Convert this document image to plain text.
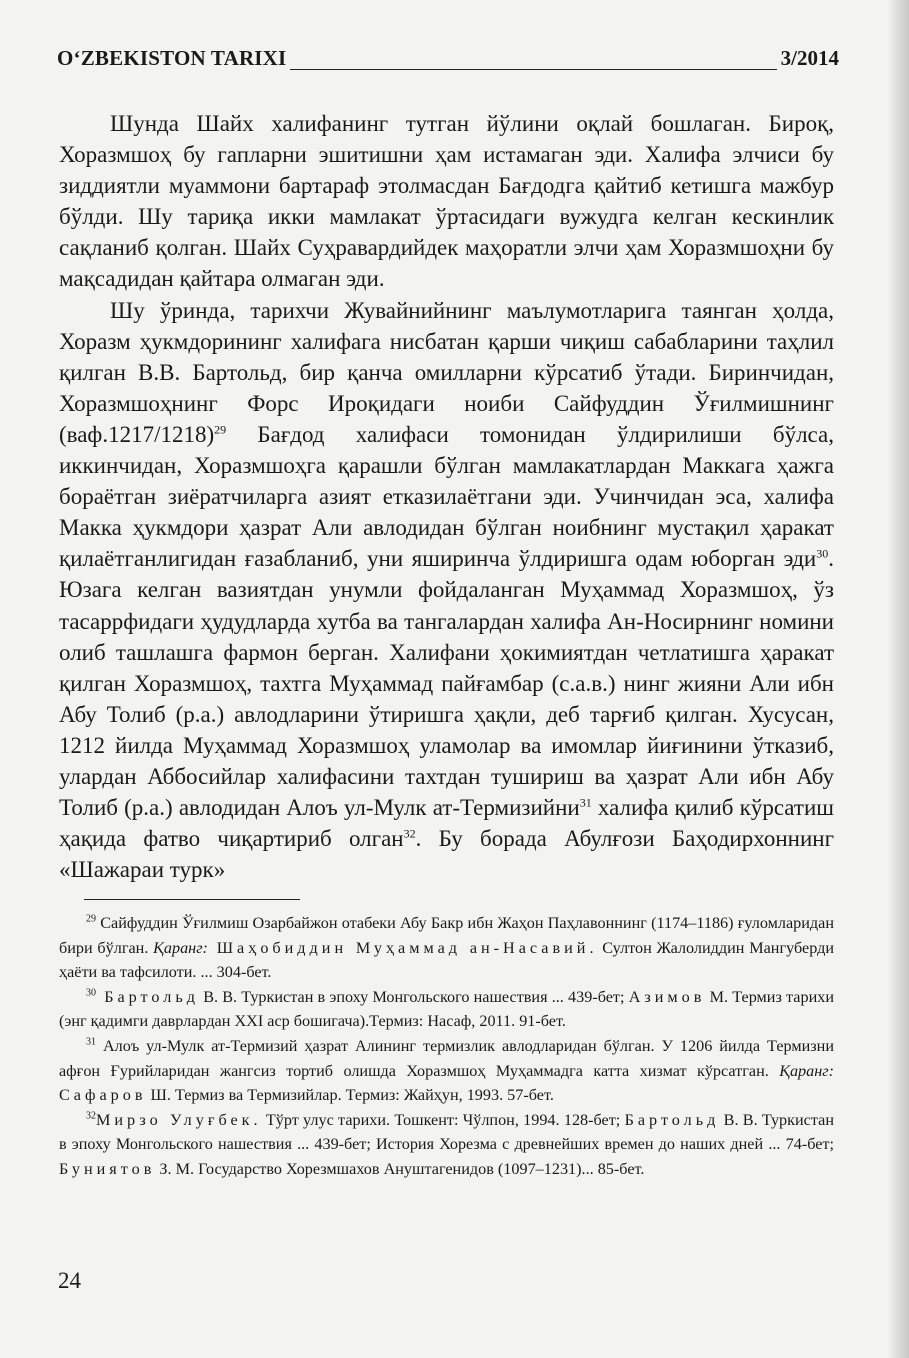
O‘ZBEKISTON TARIXI	3/2014

Шунда Шайх халифанинг тутган йўлини оқлай бошлаган. Бироқ, Хоразмшоҳ бу гапларни эшитишни ҳам истамаган эди. Халифа элчиси бу зиддиятли муаммони бартараф этолмасдан Бағдодга қайтиб кетишга мажбур бўлди. Шу тариқа икки мамлакат ўртасидаги вужудга келган кескинлик сақланиб қолган. Шайх Суҳравардийдек маҳоратли элчи ҳам Хоразмшоҳни бу мақсадидан қайтара олмаган эди.

Шу ўринда, тарихчи Жувайнийнинг маълумотларига таянган ҳолда, Хоразм ҳукмдорининг халифага нисбатан қарши чиқиш сабабларини таҳлил қилган В.В. Бартольд, бир қанча омилларни кўрсатиб ўтади. Биринчидан, Хоразмшоҳнинг Форс Ироқидаги ноиби Сайфуддин Ўғилмишнинг $(ваф.1217/1218)^{29}$ Бағдод халифаси томонидан ўлдирилиши бўлса, иккинчидан, Хоразмшоҳга қарашли бўлган мамлакатлардан Маккага ҳажга бораётган зиёратчиларга азият етказилаётгани эди. Учинчидан эса, халифа Макка ҳукмдори ҳазрат Али авлодидан бўлган ноибнинг мустақил ҳаракат қилаётганлигидан ғазабланиб, уни яширинча ўлдиришга одам юборган эди$^{30}$. Юзага келган вазиятдан унумли фойдаланган Муҳаммад Хоразмшоҳ, ўз тасаррфидаги ҳудудларда хутба ва тангалардан халифа Ан-Носирнинг номини олиб ташлашга фармон берган. Халифани ҳокимиятдан четлатишга ҳаракат қилган Хоразмшоҳ, тахтга Муҳаммад пайғамбар (с.а.в.) нинг жияни Али ибн Абу Толиб (р.а.) авлодларини ўтиришга ҳақли, деб тарғиб қилган. Хусусан, 1212 йилда Муҳаммад Хоразмшоҳ уламолар ва имомлар йиғинини ўтказиб, улардан Аббосийлар халифасини тахтдан тушириш ва ҳазрат Али ибн Абу Толиб (р.а.) авлодидан Алоъ ул-Мулк ат-Термизийни$^{31}$ халифа қилиб кўрсатиш ҳақида фатво чиқартириб олган$^{32}$. Бу борада Абулғози Баҳодирхоннинг «Шажараи турк»

$^{29}$ Сайфуддин Ўғилмиш Озарбайжон отабеки Абу Бакр ибн Жаҳон Паҳлавоннинг (1174–1186) ғуломларидан бири бўлган. Қаранг: Шаҳобиддин Муҳаммад ан-Насавий. Султон Жалолиддин Мангуберди ҳаёти ва тафсилоти. ... 304-бет.

$^{30}$ Бартольд В. В. Туркистан в эпоху Монгольского нашествия ... 439-бет; Азимов М. Термиз тарихи (энг қадимги даврлардан XXI аср бошигача).Термиз: Насаф, 2011. 91-бет.

$^{31}$ Алоъ ул-Мулк ат-Термизий ҳазрат Алининг термизлик авлодларидан бўлган. У 1206 йилда Термизни афғон Ғурийларидан жангсиз тортиб олишда Хоразмшоҳ Муҳаммадга катта хизмат кўрсатган. Қаранг: Сафаров Ш. Термиз ва Термизийлар. Термиз: Жайҳун, 1993. 57-бет.

$^{32}$Мирзо Улуғбек. Тўрт улус тарихи. Тошкент: Чўлпон, 1994. 128-бет; Бартольд В. В. Туркистан в эпоху Монгольского нашествия ... 439-бет; История Хорезма с древнейших времен до наших дней ... 74-бет; Буниятов З. М. Государство Хорезмшахов Ануштагенидов (1097–1231)... 85-бет.

24
